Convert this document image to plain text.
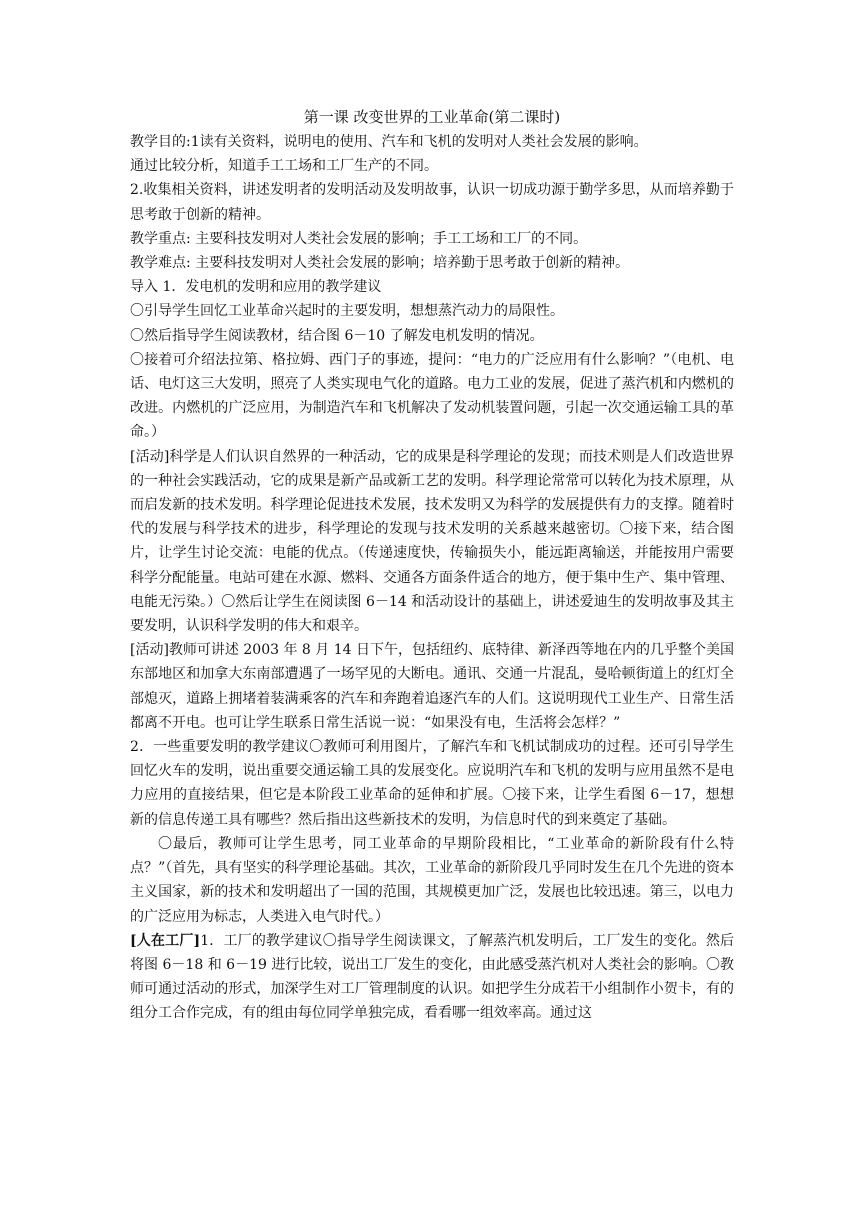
第一课 改变世界的工业革命(第二课时)

教学目的:1读有关资料，说明电的使用、汽车和飞机的发明对人类社会发展的影响。

通过比较分析，知道手工工场和工厂生产的不同。

2.收集相关资料，讲述发明者的发明活动及发明故事，认识一切成功源于勤学多思，从而培养勤于思考敢于创新的精神。

教学重点: 主要科技发明对人类社会发展的影响；手工工场和工厂的不同。

教学难点: 主要科技发明对人类社会发展的影响；培养勤于思考敢于创新的精神。

导入 1．发电机的发明和应用的教学建议

〇引导学生回忆工业革命兴起时的主要发明，想想蒸汽动力的局限性。

〇然后指导学生阅读教材，结合图 6－10 了解发电机发明的情况。

〇接着可介绍法拉第、格拉姆、西门子的事迹，提问：“电力的广泛应用有什么影响？”（电机、电话、电灯这三大发明，照亮了人类实现电气化的道路。电力工业的发展，促进了蒸汽机和内燃机的改进。内燃机的广泛应用，为制造汽车和飞机解决了发动机装置问题，引起一次交通运输工具的革命。）

[活动]科学是人们认识自然界的一种活动，它的成果是科学理论的发现；而技术则是人们改造世界的一种社会实践活动，它的成果是新产品或新工艺的发明。科学理论常常可以转化为技术原理，从而启发新的技术发明。科学理论促进技术发展，技术发明又为科学的发展提供有力的支撑。随着时代的发展与科学技术的进步，科学理论的发现与技术发明的关系越来越密切。〇接下来，结合图片，让学生讨论交流：电能的优点。（传递速度快，传输损失小，能远距离输送，并能按用户需要科学分配能量。电站可建在水源、燃料、交通各方面条件适合的地方，便于集中生产、集中管理、电能无污染。）〇然后让学生在阅读图 6－14 和活动设计的基础上，讲述爱迪生的发明故事及其主要发明，认识科学发明的伟大和艰辛。

[活动]教师可讲述 2003 年 8 月 14 日下午，包括纽约、底特律、新泽西等地在内的几乎整个美国东部地区和加拿大东南部遭遇了一场罕见的大断电。通讯、交通一片混乱，曼哈顿街道上的红灯全部熄灭，道路上拥堵着装满乘客的汽车和奔跑着追逐汽车的人们。这说明现代工业生产、日常生活都离不开电。也可让学生联系日常生活说一说：“如果没有电，生活将会怎样？”

2．一些重要发明的教学建议〇教师可利用图片，了解汽车和飞机试制成功的过程。还可引导学生回忆火车的发明，说出重要交通运输工具的发展变化。应说明汽车和飞机的发明与应用虽然不是电力应用的直接结果，但它是本阶段工业革命的延伸和扩展。〇接下来，让学生看图 6－17，想想新的信息传递工具有哪些？然后指出这些新技术的发明，为信息时代的到来奠定了基础。

〇最后，教师可让学生思考，同工业革命的早期阶段相比，“工业革命的新阶段有什么特点？”（首先，具有坚实的科学理论基础。其次，工业革命的新阶段几乎同时发生在几个先进的资本主义国家，新的技术和发明超出了一国的范围，其规模更加广泛，发展也比较迅速。第三，以电力的广泛应用为标志，人类进入电气时代。）

[人在工厂]1．工厂的教学建议〇指导学生阅读课文，了解蒸汽机发明后，工厂发生的变化。然后将图 6－18 和 6－19 进行比较，说出工厂发生的变化，由此感受蒸汽机对人类社会的影响。〇教师可通过活动的形式，加深学生对工厂管理制度的认识。如把学生分成若干小组制作小贺卡，有的组分工合作完成，有的组由每位同学单独完成，看看哪一组效率高。通过这
